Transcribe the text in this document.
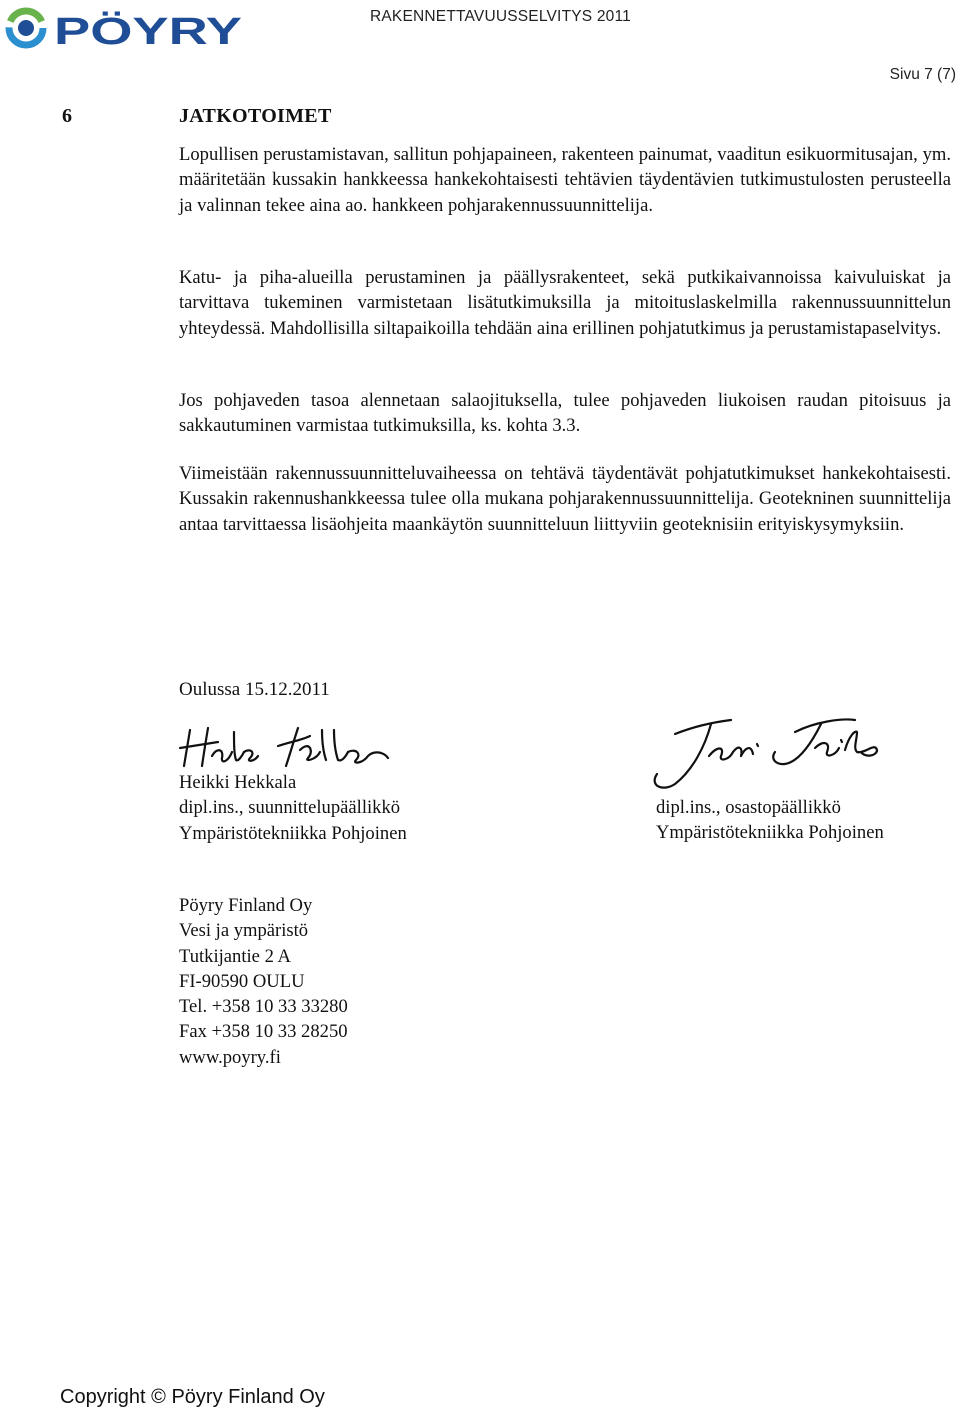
PÖYRY	RAKENNETTAVUUSSELVITYS 2011
Sivu 7 (7)
6	JATKOTOIMET

Lopullisen perustamistavan, sallitun pohjapaineen, rakenteen painumat, vaaditun esikuormitusajan, ym. määritetään kussakin hankkeessa hankekohtaisesti tehtävien täydentävien tutkimustulosten perusteella ja valinnan tekee aina ao. hankkeen pohjarakennussuunnittelija.

Katu- ja piha-alueilla perustaminen ja päällysrakenteet, sekä putkikaivannoissa kaivuluiskat ja tarvittava tukeminen varmistetaan lisätutkimuksilla ja mitoituslaskelmilla rakennussuunnittelun yhteydessä. Mahdollisilla siltapaikoilla tehdään aina erillinen pohjatutkimus ja perustamistapaselvitys.

Jos pohjaveden tasoa alennetaan salaojituksella, tulee pohjaveden liukoisen raudan pitoisuus ja sakkautuminen varmistaa tutkimuksilla, ks. kohta 3.3.

Viimeistään rakennussuunnitteluvaiheessa on tehtävä täydentävät pohjatutkimukset hankekohtaisesti. Kussakin rakennushankkeessa tulee olla mukana pohjarakennussuunnittelija. Geotekninen suunnittelija antaa tarvittaessa lisäohjeita maankäytön suunnitteluun liittyviin geoteknisiin erityiskysymyksiin.

Oulussa 15.12.2011
Heikki Hekkala
dipl.ins., suunnittelupäällikkö
Ympäristötekniikka Pohjoinen
dipl.ins., osastopäällikkö
Ympäristötekniikka Pohjoinen
Pöyry Finland Oy
Vesi ja ympäristö
Tutkijantie 2 A
FI-90590 OULU
Tel. +358 10 33 33280
Fax +358 10 33 28250
www.poyry.fi
Copyright © Pöyry Finland Oy
